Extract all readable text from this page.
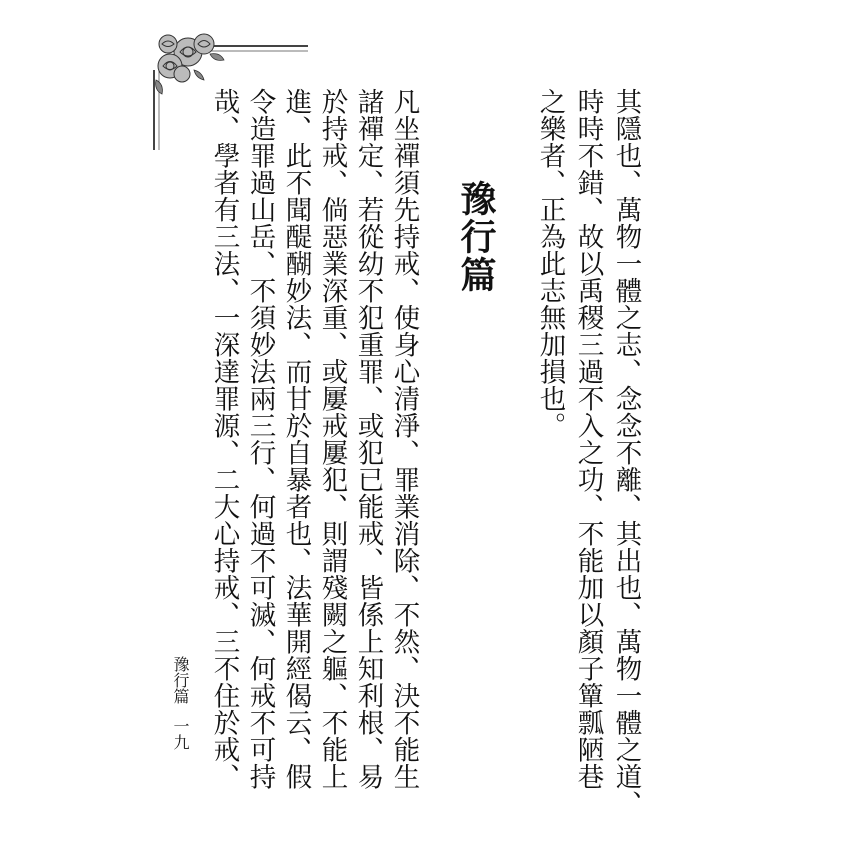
其隱也、萬物一體之志、念念不離、其出也、萬物一體之道、
時時不錯、故以禹稷三過不入之功、不能加以顏子簞瓢陋巷
之樂者、正為此志無加損也。
豫行篇
凡坐禪須先持戒、使身心清淨、罪業消除、不然、決不能生
諸禪定、若從幼不犯重罪、或犯已能戒、皆係上知利根、易
於持戒、倘惡業深重、或屢戒屢犯、則謂殘闕之軀、不能上
進、此不聞醍醐妙法、而甘於自暴者也、法華開經偈云、假
令造罪過山岳、不須妙法兩三行、何過不可滅、何戒不可持
哉、學者有三法、一深達罪源、二大心持戒、三不住於戒、
豫行篇
一九
